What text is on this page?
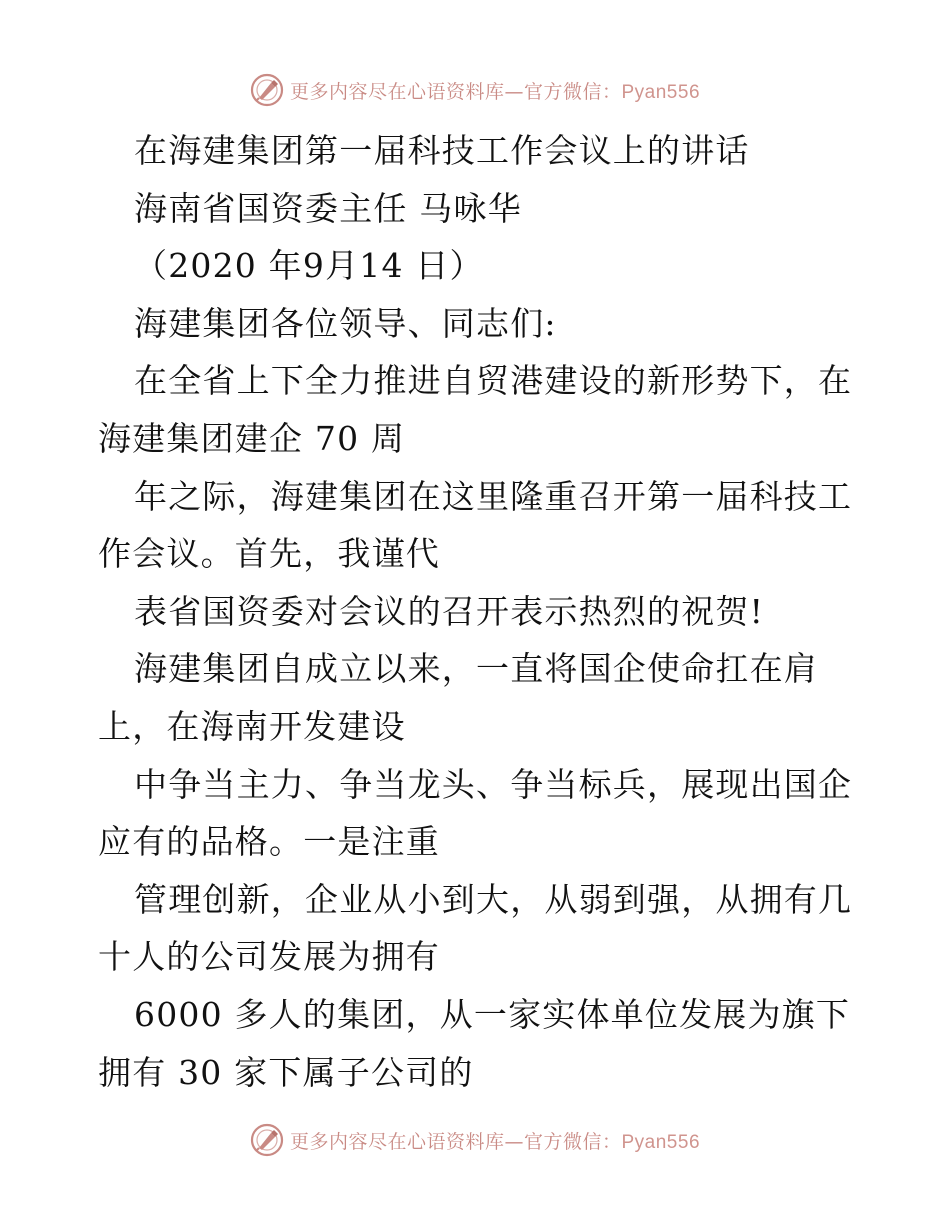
更多内容尽在心语资料库—官方微信：Pyan556
在海建集团第一届科技工作会议上的讲话
海南省国资委主任 马咏华
（2020 年9月14 日）
海建集团各位领导、同志们:
在全省上下全力推进自贸港建设的新形势下，在
海建集团建企 70 周
年之际，海建集团在这里隆重召开第一届科技工
作会议。首先，我谨代
表省国资委对会议的召开表示热烈的祝贺!
海建集团自成立以来，一直将国企使命扛在肩
上，在海南开发建设
中争当主力、争当龙头、争当标兵，展现出国企
应有的品格。一是注重
管理创新，企业从小到大，从弱到强，从拥有几
十人的公司发展为拥有
6000 多人的集团，从一家实体单位发展为旗下
拥有 30 家下属子公司的
更多内容尽在心语资料库—官方微信：Pyan556
